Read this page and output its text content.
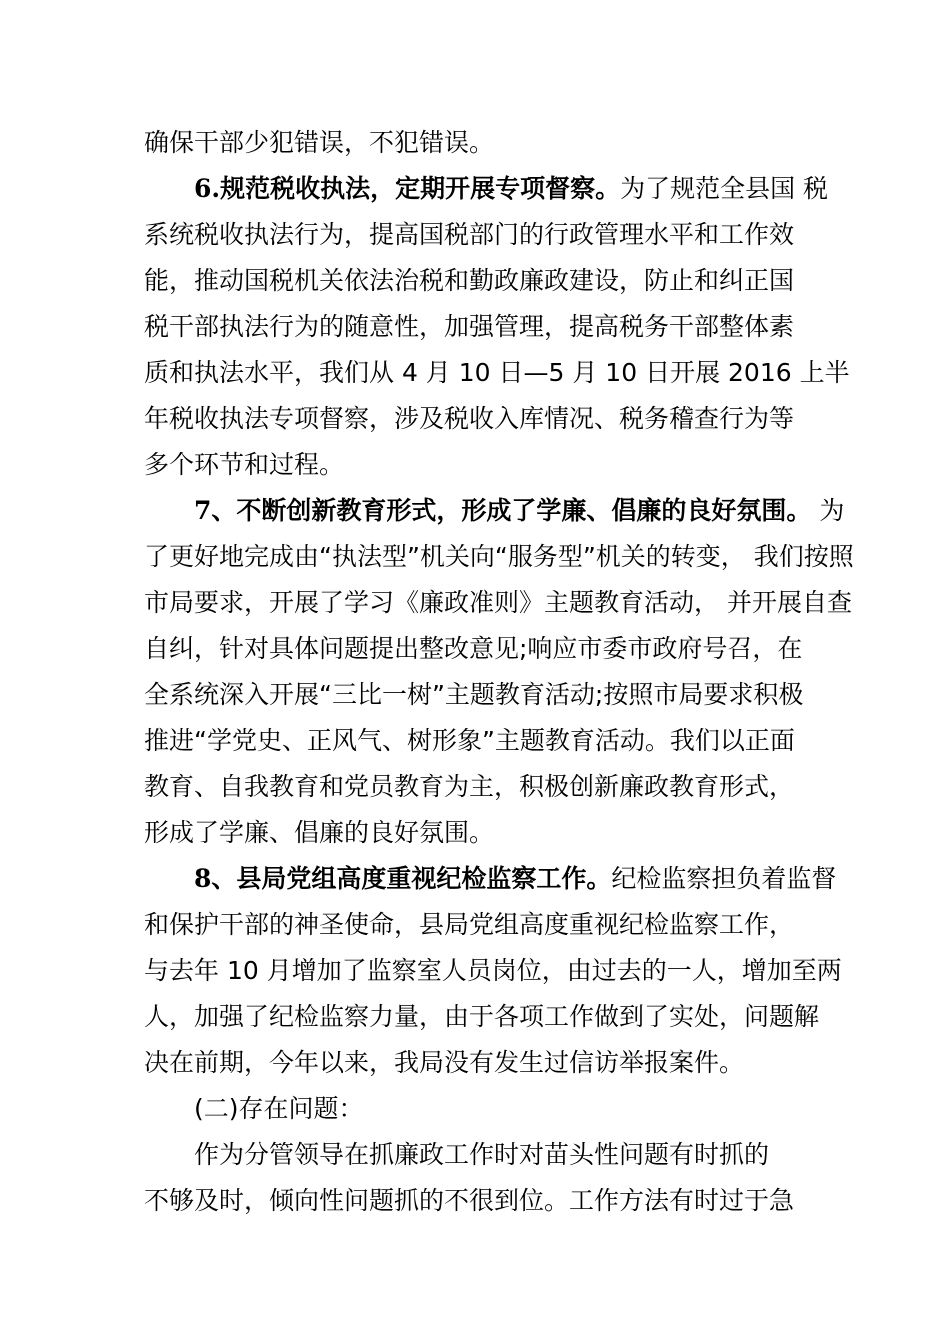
确保干部少犯错误，不犯错误。
6.规范税收执法，定期开展专项督察。为了规范全县国 税
系统税收执法行为，提高国税部门的行政管理水平和工作效
能，推动国税机关依法治税和勤政廉政建设，防止和纠正国
税干部执法行为的随意性，加强管理，提高税务干部整体素
质和执法水平，我们从 4 月 10 日—5 月 10 日开展 2016 上半
年税收执法专项督察，涉及税收入库情况、税务稽查行为等
多个环节和过程。
7、不断创新教育形式，形成了学廉、倡廉的良好氛围。 为
了更好地完成由“执法型”机关向“服务型”机关的转变， 我们按照
市局要求，开展了学习《廉政准则》主题教育活动， 并开展自查
自纠，针对具体问题提出整改意见;响应市委市政府号召，在
全系统深入开展“三比一树”主题教育活动;按照市局要求积极
推进“学党史、正风气、树形象”主题教育活动。我们以正面
教育、自我教育和党员教育为主，积极创新廉政教育形式，
形成了学廉、倡廉的良好氛围。
8、县局党组高度重视纪检监察工作。纪检监察担负着监督
和保护干部的神圣使命，县局党组高度重视纪检监察工作，
与去年 10 月增加了监察室人员岗位，由过去的一人，增加至两
人，加强了纪检监察力量，由于各项工作做到了实处，问题解
决在前期，今年以来，我局没有发生过信访举报案件。
(二)存在问题：
作为分管领导在抓廉政工作时对苗头性问题有时抓的
不够及时，倾向性问题抓的不很到位。工作方法有时过于急
